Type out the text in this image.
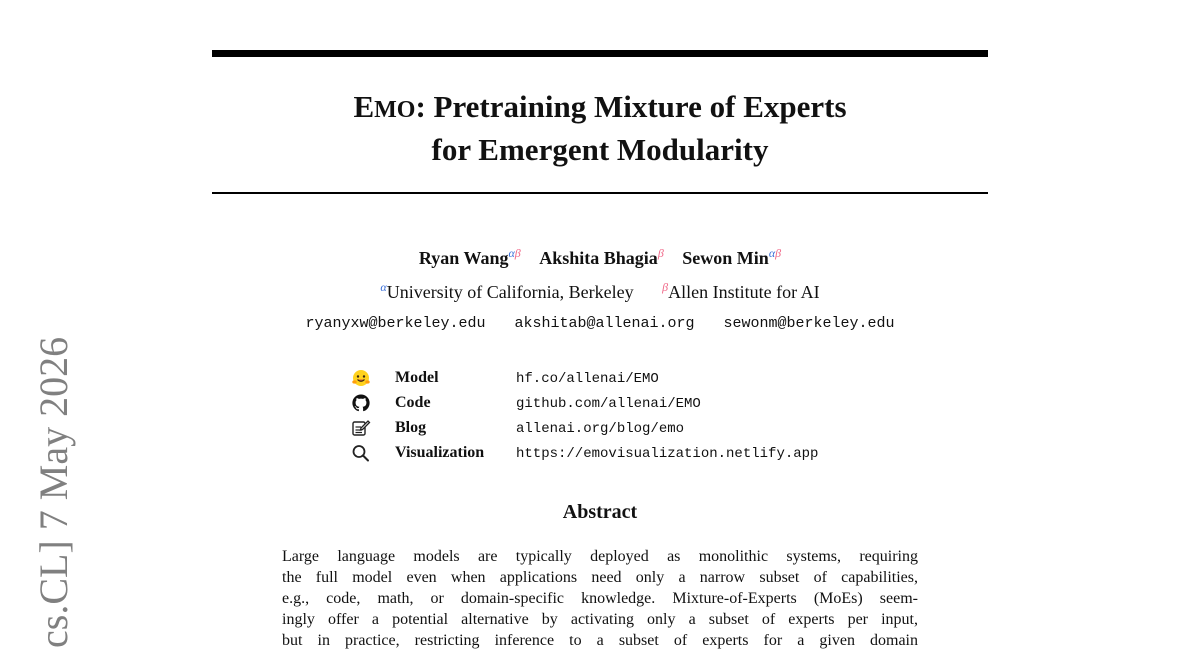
cs.CL] 7 May 2026
EMO: Pretraining Mixture of Experts
for Emergent Modularity
Ryan Wang$^{\alpha\beta}$ Akshita Bhagia$^\beta$ Sewon Min$^{\alpha\beta}$
$^\alpha$University of California, Berkeley $^\beta$Allen Institute for AI
ryanyxw@berkeley.edu akshitab@allenai.org sewonm@berkeley.edu
Model	hf.co/allenai/EMO
Code	github.com/allenai/EMO
Blog	allenai.org/blog/emo
Visualization https://emovisualization.netlify.app
Abstract
Large language models are typically deployed as monolithic systems, requiring
the full model even when applications need only a narrow subset of capabilities,
e.g., code, math, or domain-specific knowledge. Mixture-of-Experts (MoEs) seem-
ingly offer a potential alternative by activating only a subset of experts per input,
but in practice, restricting inference to a subset of experts for a given domain
